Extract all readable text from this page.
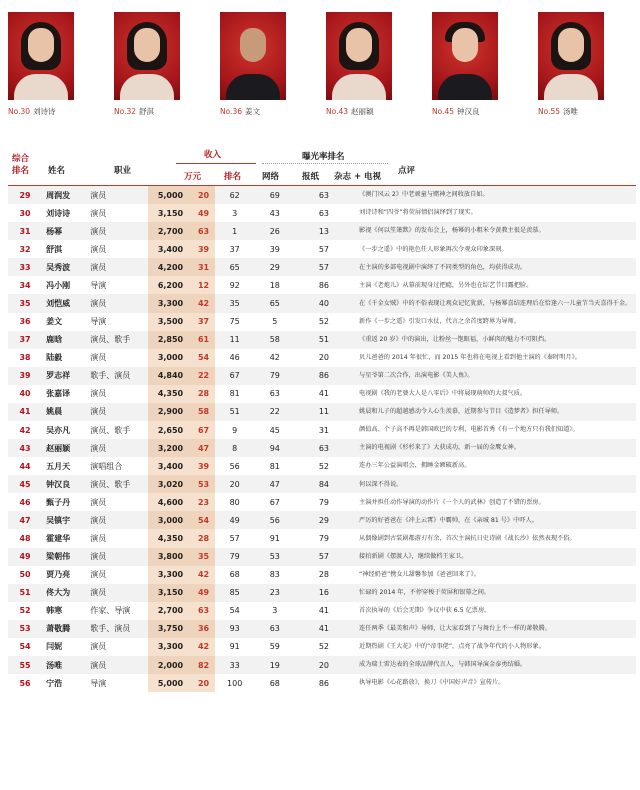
No.30 刘诗诗	No.32 舒淇	No.36 姜文	No.43 赵丽颖	No.45 钟汉良	No.55 汤唯
综合
排名 姓名	职业
收入
万元	排名
曝光率排名
网络	报纸 杂志 + 电视
点评
29	周润发	演员	5,000	20	62	69	63	《澳门风云 2》中老顽童与赌神之间收放自如。
30	刘诗诗	演员	3,150	49	3	43	63	刘诗诗和“四爷”将荧屏情侣演绎到了现实。
31	杨幂	演员	2,700	63	1	26	13	影视《何以笙箫默》的发布会上，杨幂的小粗米令黄教主很是羡慕。
32	舒淇	演员	3,400	39	37	39	57	《一步之遥》中的艳色任人形象再次令观众印象深刻。
33	吴秀波	演员	4,200	31	65	29	57	在主演的多部电视剧中演绎了不同类型的角色，均获得成功。
34	冯小刚	导演	6,200	12	92	18	86	主演《老炮儿》从幕前现身过把瘾，另外也在综艺节目露把脸。
35	刘恺威	演员	3,300	42	35	65	40	在《千金女贼》中的不俗表现让观众记忆犹新，与杨幂喜结连理后在恰逢六一儿童节当天喜得千金。
36	姜文	导演	3,500	37	75	5	52	新作《一步之遥》引发口水仗，代言之余首度跨界为导师。
37	鹿晗	演员、歌手	2,850	61	11	58	51	《重返 20 岁》中的演出，让粉丝一饱眼福，小鲜肉的魅力不可阻挡。
38	陆毅	演员	3,000	54	46	42	20	贝儿爸爸的 2014 年很忙，而 2015 年也将在电视上看到他主演的《秦时明月》。
39	罗志祥	歌手、演员	4,840	22	67	79	86	与星爷第二次合作，出演电影《美人鱼》。
40	张嘉译	演员	4,350	28	81	63	41	电视剧《我的老婆大人是八零后》中将展现萌帅的大叔气质。
41	姚晨	演员	2,900	58	51	22	11	姚晨和儿子的超越感动令人心生羡慕，近期参与节目《造梦者》担任导师。
42	吴亦凡	演员、歌手	2,650	67	9	45	31	颜值高、个子高不再是韩国欧巴的专利，电影首秀《有一个地方只有我们知道》。
43	赵丽颖	演员	3,200	47	8	94	63	主演的电视剧《杉杉来了》大获成功，新一届的金鹰女神。
44	五月天	演唱组合	3,400	39	56	81	52	连办三年公益演唱会，拥睡金额破新高。
45	钟汉良	演员、歌手	3,020	53	20	47	84	何以深不得说。
46	甄子丹	演员	4,600	23	80	67	79	主演并担任动作导演的动作片《一个人的武林》创造了不错的票房。
47	吴镇宇	演员	3,000	54	49	56	29	严厉的好爸爸在《冲上云霄》中霸帅，在《亲城 81 号》中吓人。
48	霍建华	演员	4,350	28	57	91	79	从偶像剧到古装剧都游刃有余，首次主演抗日史诗剧《战长沙》依然表现不俗。
49	梁朝伟	演员	3,800	35	79	53	57	接拍新剧《摆渡人》，继续做档王家卫。
50	贾乃亮	演员	3,300	42	68	83	28	“神经奶爸”携女儿甜馨参加《爸爸回来了》。
51	佟大为	演员	3,150	49	85	23	16	忙碌的 2014 年，不停穿梭于荧屏和银幕之间。
52	韩寒	作家、导演	2,700	63	54	3	41	首次执导的《后会无期》争议中获 6.5 亿票房。
53	萧敬腾	歌手、演员	3,750	36	93	63	41	连任两季《最美和声》导师，让大家看到了与舞台上不一样的萧敬腾。
54	闫妮	演员	3,300	42	91	59	52	近期热剧《王大花》中的“帝事佬”，点亮了战争年代的小人物形象。
55	汤唯	演员	2,000	82	33	19	20	成为瑞士雷达表的全球品牌代言人，与韩国导演金泰勇结婚。
56	宁浩	导演	5,000	20	100	68	86	执导电影《心花路放》，换刀《中国好声音》宣传片。
